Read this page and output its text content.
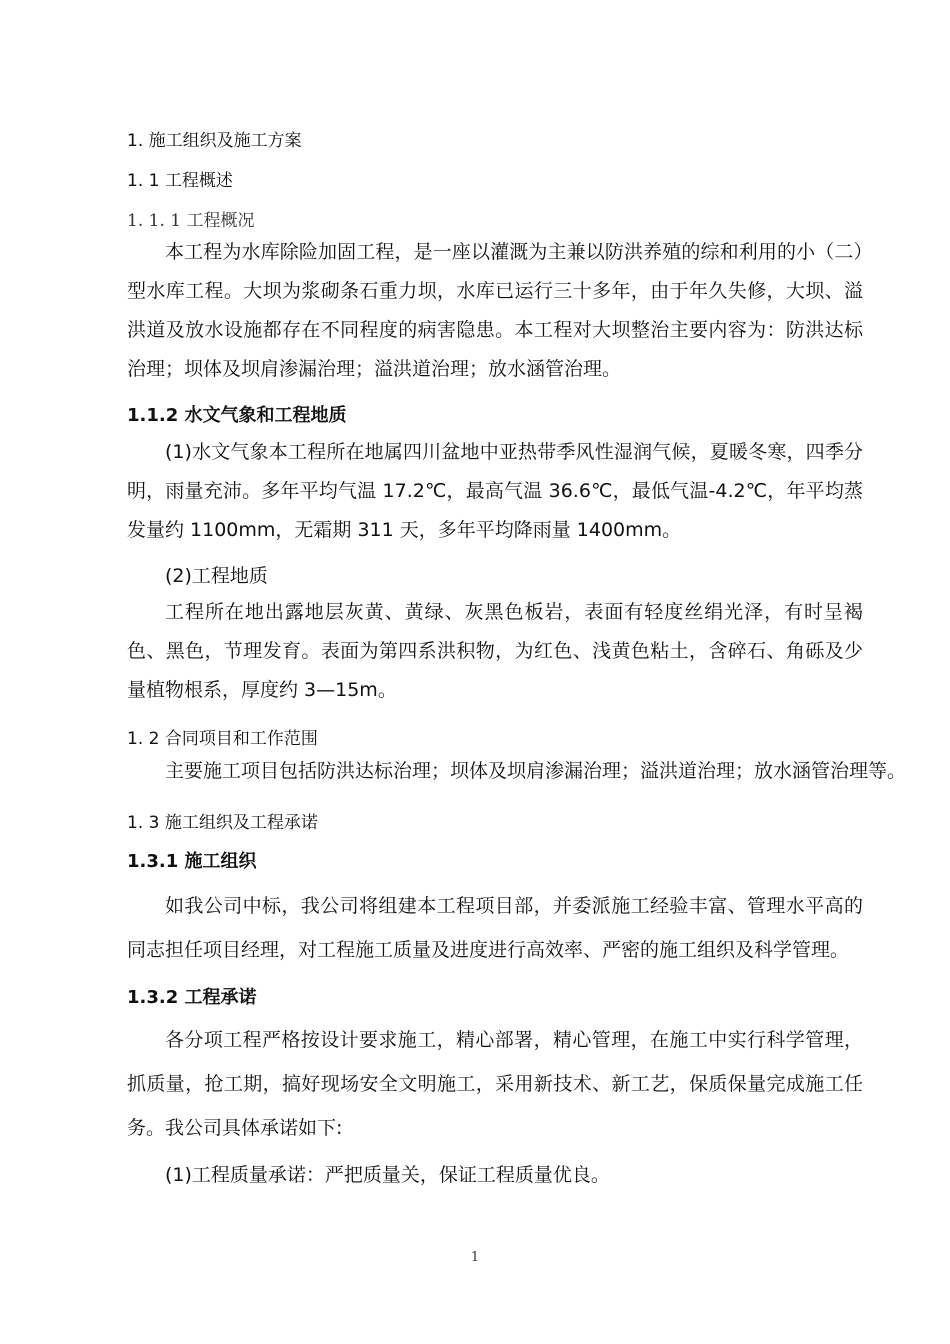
1. 施工组织及施工方案
1. 1 工程概述
1. 1. 1 工程概况

本工程为水库除险加固工程，是一座以灌溉为主兼以防洪养殖的综和利用的小（二）型水库工程。大坝为浆砌条石重力坝，水库已运行三十多年，由于年久失修，大坝、溢洪道及放水设施都存在不同程度的病害隐患。本工程对大坝整治主要内容为：防洪达标治理；坝体及坝肩渗漏治理；溢洪道治理；放水涵管治理。

1.1.2 水文气象和工程地质

(1)水文气象本工程所在地属四川盆地中亚热带季风性湿润气候，夏暖冬寒，四季分明，雨量充沛。多年平均气温 17.2℃，最高气温 36.6℃，最低气温-4.2℃，年平均蒸发量约 1100mm，无霜期 311 天，多年平均降雨量 1400mm。

(2)工程地质

工程所在地出露地层灰黄、黄绿、灰黑色板岩，表面有轻度丝绢光泽，有时呈褐色、黑色，节理发育。表面为第四系洪积物，为红色、浅黄色粘土，含碎石、角砾及少量植物根系，厚度约 3—15m。

1. 2 合同项目和工作范围

主要施工项目包括防洪达标治理；坝体及坝肩渗漏治理；溢洪道治理；放水涵管治理等。

1. 3 施工组织及工程承诺
1.3.1 施工组织

如我公司中标，我公司将组建本工程项目部，并委派施工经验丰富、管理水平高的同志担任项目经理，对工程施工质量及进度进行高效率、严密的施工组织及科学管理。

1.3.2 工程承诺

各分项工程严格按设计要求施工，精心部署，精心管理，在施工中实行科学管理，抓质量，抢工期，搞好现场安全文明施工，采用新技术、新工艺，保质保量完成施工任务。我公司具体承诺如下:

(1)工程质量承诺：严把质量关，保证工程质量优良。
1
